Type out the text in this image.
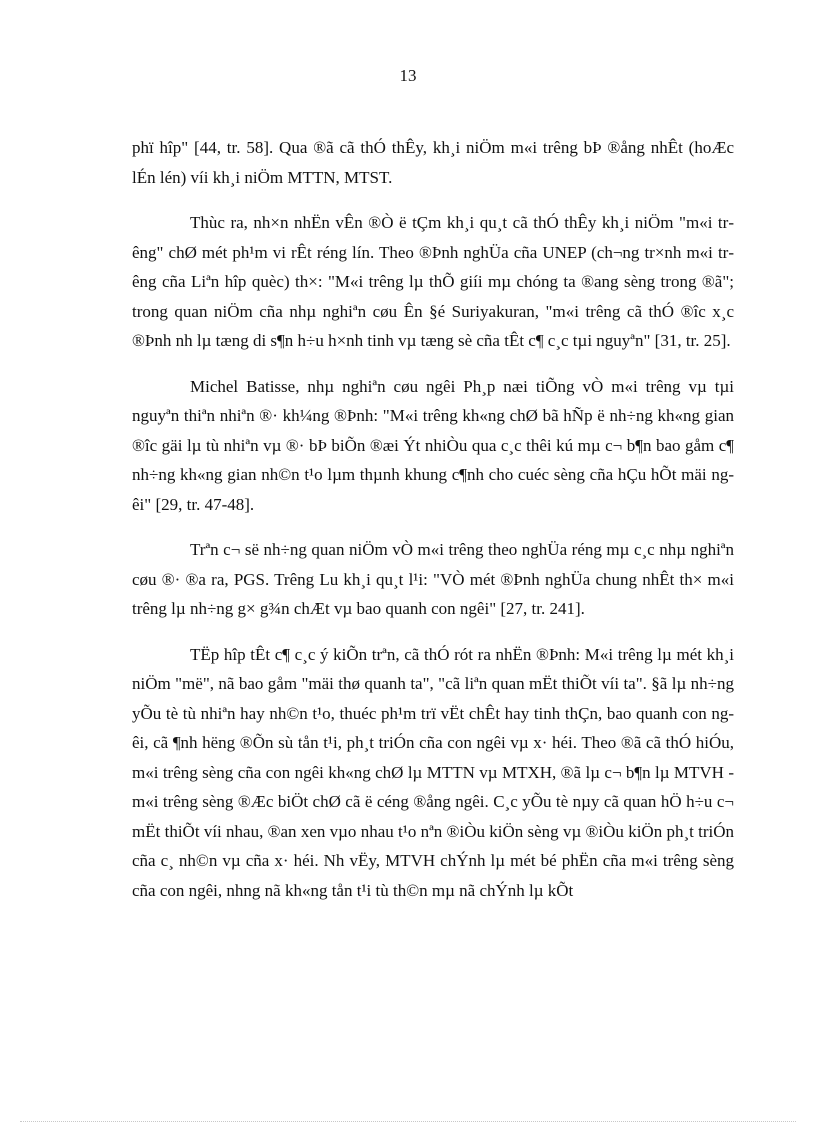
13

phï hîp" [44, tr. 58]. Qua ®ã cã thÓ thÊy, kh¸i niÖm m«i trêng bÞ ®ång nhÊt (hoÆc lÉn lén) víi kh¸i niÖm MTTN, MTST.

Thùc ra, nh×n nhËn vÊn ®Ò ë tÇm kh¸i qu¸t cã thÓ thÊy kh¸i niÖm "m«i trêng" chØ mét ph¹m vi rÊt réng lín. Theo ®Þnh nghÜa cña UNEP (ch¬ng tr×nh m«i trêng cña Liªn hîp quèc) th×: "M«i trêng lµ thÕ giíi mµ chóng ta ®ang sèng trong ®ã"; trong quan niÖm cña nhµ nghiªn cøu Ên §é Suriyakuran, "m«i trêng cã thÓ ®îc x¸c ®Þnh nh lµ tæng di s¶n h÷u h×nh tinh vµ tæng sè cña tÊt c¶ c¸c tµi nguyªn" [31, tr. 25].

Michel Batisse, nhµ nghiªn cøu ngêi Ph¸p næi tiÕng vÒ m«i trêng vµ tµi nguyªn thiªn nhiªn ®· kh¼ng ®Þnh: "M«i trêng kh«ng chØ bã hÑp ë nh÷ng kh«ng gian ®îc gäi lµ tù nhiªn vµ ®· bÞ biÕn ®æi Ýt nhiÒu qua c¸c thêi kú mµ c¬ b¶n bao gåm c¶ nh÷ng kh«ng gian nh©n t¹o lµm thµnh khung c¶nh cho cuéc sèng cña hÇu hÕt mäi ngêi" [29, tr. 47-48].

Trªn c¬ së nh÷ng quan niÖm vÒ m«i trêng theo nghÜa réng mµ c¸c nhµ nghiªn cøu ®· ®a ra, PGS. Trêng Lu kh¸i qu¸t l¹i: "VÒ mét ®Þnh nghÜa chung nhÊt th× m«i trêng lµ nh÷ng g× g¾n chÆt vµ bao quanh con ngêi" [27, tr. 241].

TËp hîp tÊt c¶ c¸c ý kiÕn trªn, cã thÓ rót ra nhËn ®Þnh: M«i trêng lµ mét kh¸i niÖm "më", nã bao gåm "mäi thø quanh ta", "cã liªn quan mËt thiÕt víi ta". §ã lµ nh÷ng yÕu tè tù nhiªn hay nh©n t¹o, thuéc ph¹m trï vËt chÊt hay tinh thÇn, bao quanh con ngêi, cã ¶nh hëng ®Õn sù tån t¹i, ph¸t triÓn cña con ngêi vµ x· héi. Theo ®ã cã thÓ hiÓu, m«i trêng sèng cña con ngêi kh«ng chØ lµ MTTN vµ MTXH, ®ã lµ c¬ b¶n lµ MTVH - m«i trêng sèng ®Æc biÖt chØ cã ë céng ®ång ngêi. C¸c yÕu tè nµy cã quan hÖ h÷u c¬ mËt thiÕt víi nhau, ®an xen vµo nhau t¹o nªn ®iÒu kiÖn sèng vµ ®iÒu kiÖn ph¸t triÓn cña c¸ nh©n vµ cña x· héi. Nh vËy, MTVH chÝnh lµ mét bé phËn cña m«i trêng sèng cña con ngêi, nhng nã kh«ng tån t¹i tù th©n mµ nã chÝnh lµ kÕt
